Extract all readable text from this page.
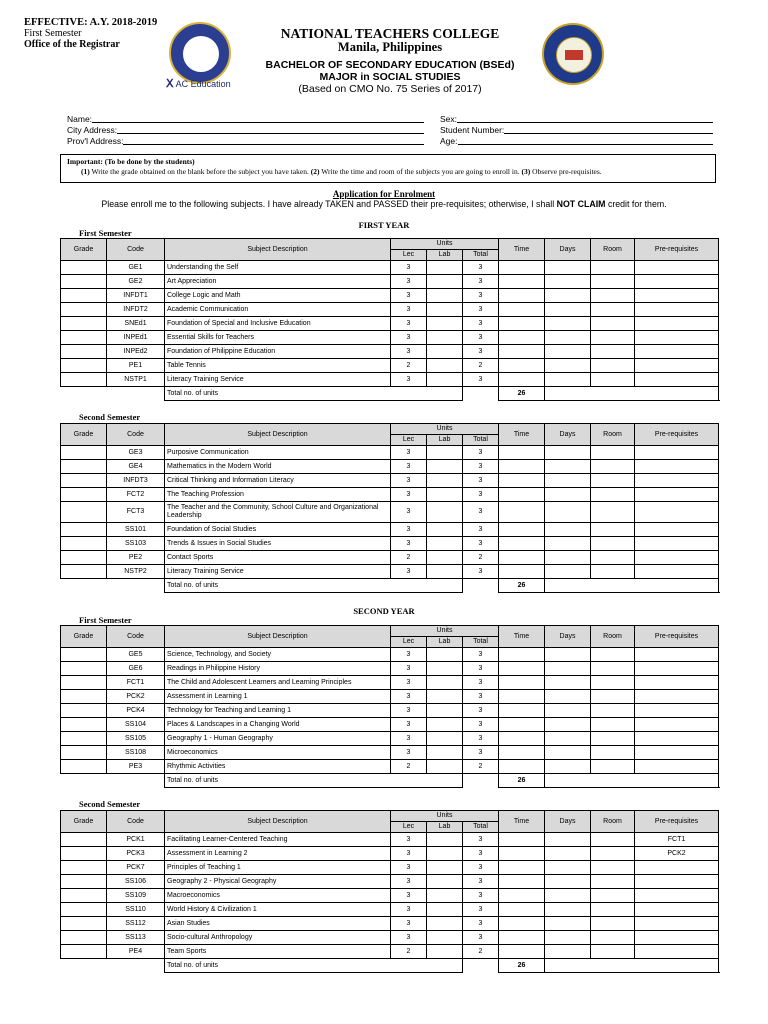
EFFECTIVE: A.Y. 2018-2019
First Semester
Office of the Registrar
Ⅹ AC Education
NATIONAL TEACHERS COLLEGE
Manila, Philippines
BACHELOR OF SECONDARY EDUCATION (BSEd)
MAJOR in SOCIAL STUDIES
(Based on CMO No. 75 Series of 2017)
Name:
City Address:
Prov'l Address:
Sex:
Student Number:
Age:
Important: (To be done by the students)
(1) Write the grade obtained on the blank before the subject you have taken. (2) Write the time and room of the subjects you are going to enroll in. (3) Observe pre-requisites.
Application for Enrolment
Please enroll me to the following subjects. I have already TAKEN and PASSED their pre-requisites; otherwise, I shall NOT CLAIM credit for them.
FIRST YEAR
First Semester
Grade	Code	Subject Description	Units			Time	Days	Room	Pre-requisites
			Lec	Lab	Total				
	GE1	Understanding the Self	3		3				
	GE2	Art Appreciation	3		3				
	INFDT1	College Logic and Math	3		3				
	INFDT2	Academic Communication	3		3				
	SNEd1	Foundation of Special and Inclusive Education	3		3				
	INPEd1	Essential Skills for Teachers	3		3				
	INPEd2	Foundation of Philippine Education	3		3				
	PE1	Table Tennis	2		2				
	NSTP1	Literacy Training Service	3		3				
		Total no. of units				26			
Second Semester
Grade	Code	Subject Description	Units			Time	Days	Room	Pre-requisites
			Lec	Lab	Total				
	GE3	Purposive Communication	3		3				
	GE4	Mathematics in the Modern World	3		3				
	INFDT3	Critical Thinking and Information Literacy	3		3				
	FCT2	The Teaching Profession	3		3				
	FCT3	The Teacher and the Community, School Culture and Organizational Leadership	3		3				
	SS101	Foundation of Social Studies	3		3				
	SS103	Trends & Issues in Social Studies	3		3				
	PE2	Contact Sports	2		2				
	NSTP2	Literacy Training Service	3		3				
		Total no. of units				26			
SECOND YEAR
First Semester
Grade	Code	Subject Description	Units			Time	Days	Room	Pre-requisites
			Lec	Lab	Total				
	GE5	Science, Technology, and Society	3		3				
	GE6	Readings in Philippine History	3		3				
	FCT1	The Child and Adolescent Learners and Learning Principles	3		3				
	PCK2	Assessment in Learning 1	3		3				
	PCK4	Technology for Teaching and Learning 1	3		3				
	SS104	Places & Landscapes in a Changing World	3		3				
	SS105	Geography 1 - Human Geography	3		3				
	SS108	Microeconomics	3		3				
	PE3	Rhythmic Activities	2		2				
		Total no. of units				26			
Second Semester
Grade	Code	Subject Description	Units			Time	Days	Room	Pre-requisites
			Lec	Lab	Total				
	PCK1	Facilitating Learner-Centered Teaching	3		3				FCT1
	PCK3	Assessment in Learning 2	3		3				PCK2
	PCK7	Principles of Teaching 1	3		3				
	SS106	Geography 2 - Physical Geography	3		3				
	SS109	Macroeconomics	3		3				
	SS110	World History & Civilization 1	3		3				
	SS112	Asian Studies	3		3				
	SS113	Socio-cultural Anthropology	3		3				
	PE4	Team Sports	2		2				
		Total no. of units				26			
